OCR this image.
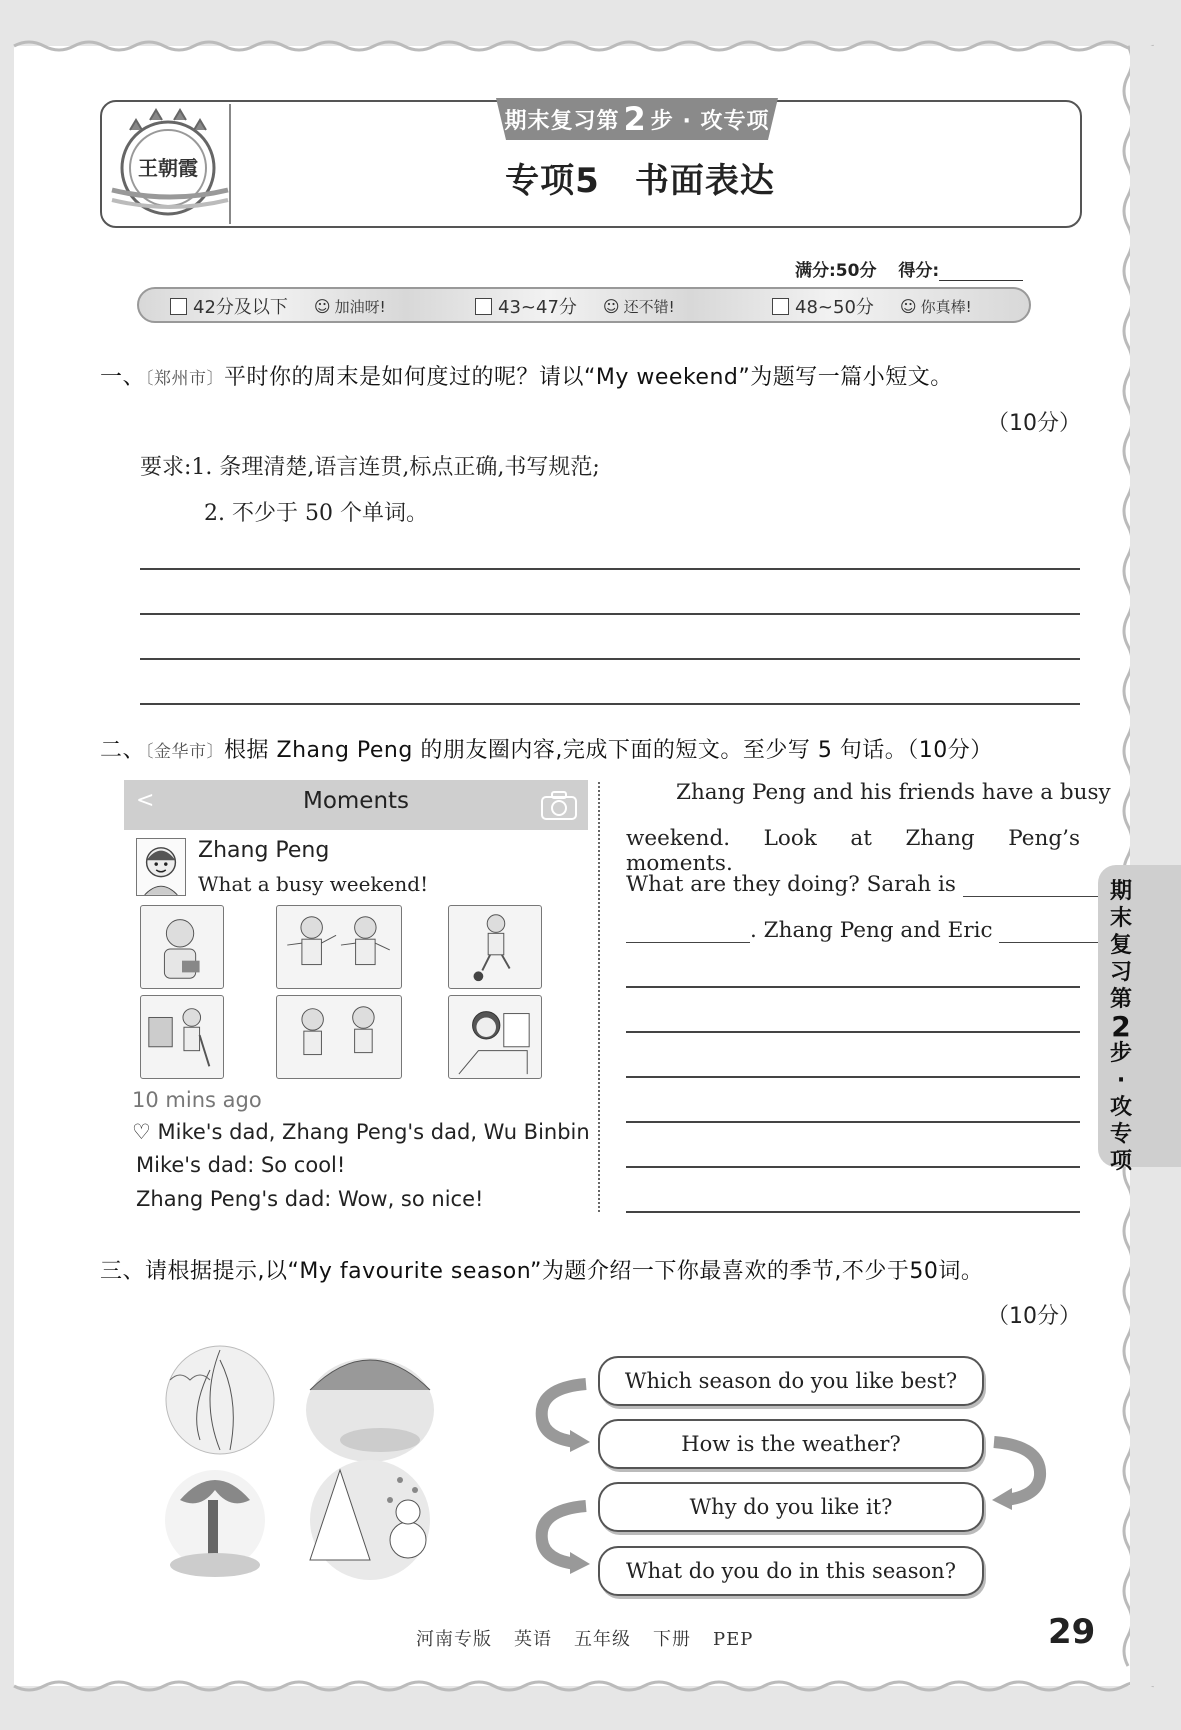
王朝霞
期末复习第 2 步 · 攻专项
专项5　书面表达
满分:50分 得分:
42分及以下 ☺ 加油呀!	43~47分 ☺ 还不错!	48~50分 ☺ 你真棒!
一、〔郑州市〕平时你的周末是如何度过的呢？请以“My weekend”为题写一篇小短文。
（10分）
要求:1. 条理清楚,语言连贯,标点正确,书写规范;
2. 不少于 50 个单词。
二、〔金华市〕根据 Zhang Peng 的朋友圈内容,完成下面的短文。至少写 5 句话。（10分）
<	Moments
Zhang Peng
What a busy weekend!
10 mins ago
♡ Mike's dad, Zhang Peng's dad, Wu Binbin
Mike's dad: So cool!
Zhang Peng's dad: Wow, so nice!
Zhang Peng and his friends have a busy
weekend. Look at Zhang Peng’s moments.
What are they doing? Sarah is
. Zhang Peng and Eric
期末复习第
2
步·攻专项
三、请根据提示,以“My favourite season”为题介绍一下你最喜欢的季节,不少于50词。
（10分）
Which season do you like best?
How is the weather?
Why do you like it?
What do you do in this season?
河南专版 英语 五年级 下册 PEP	29
